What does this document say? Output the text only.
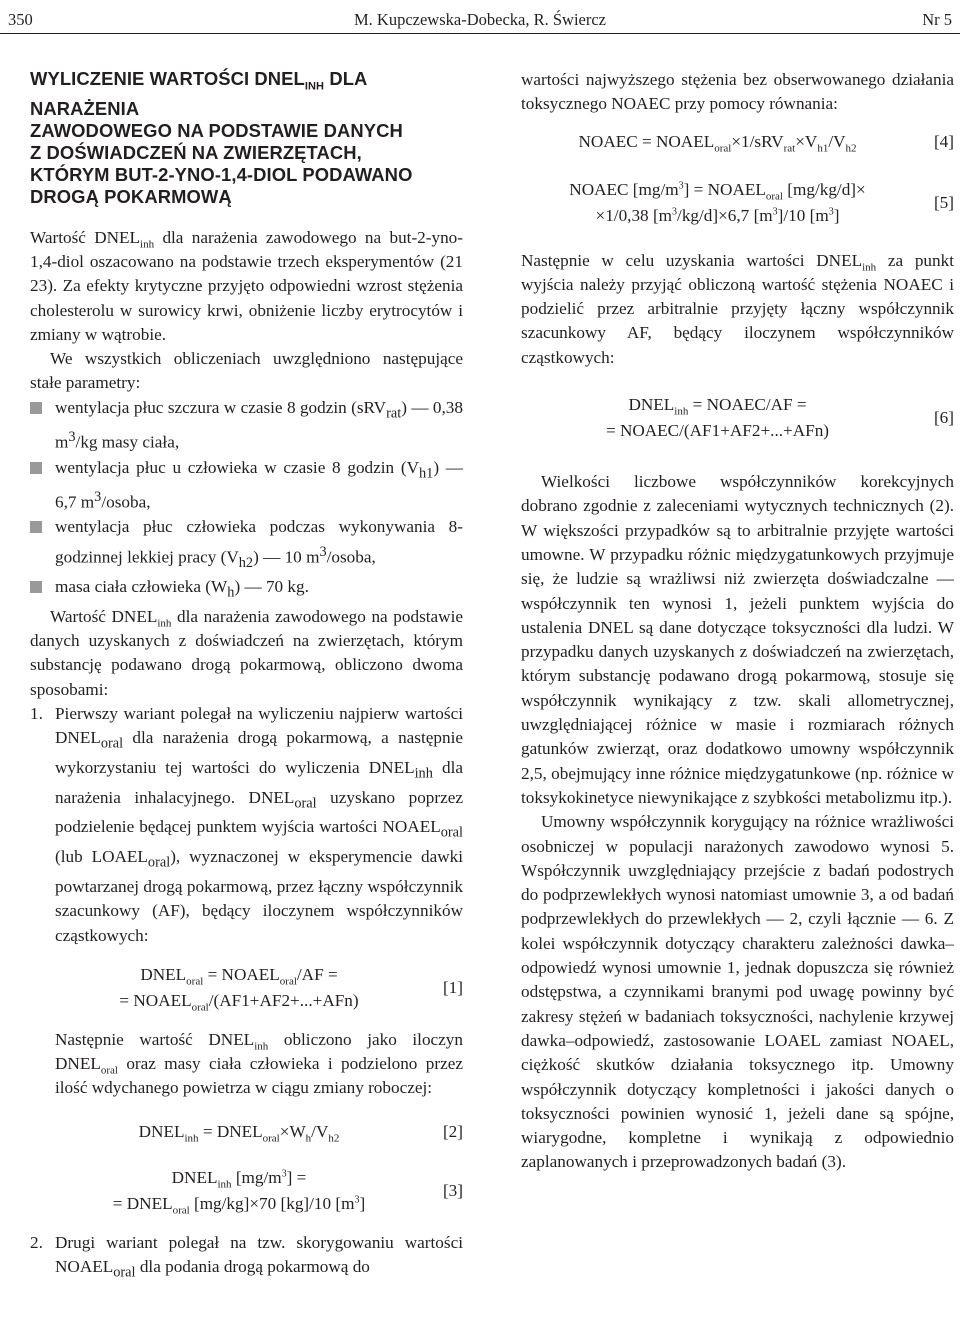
350	M. Kupczewska-Dobecka, R. Świercz	Nr 5
WYLICZENIE WARTOŚCI $DNEL_{INH}$ DLA NARAŻENIA
ZAWODOWEGO NA PODSTAWIE DANYCH
Z DOŚWIADCZEŃ NA ZWIERZĘTACH,
KTÓRYM BUT-2-YNO-1,4-DIOL PODAWANO
DROGĄ POKARMOWĄ

Wartość $DNEL_{inh}$ dla narażenia zawodowego na but-2-yno-1,4-diol oszacowano na podstawie trzech eksperymentów (21 23). Za efekty krytyczne przyjęto odpowiedni wzrost stężenia cholesterolu w surowicy krwi, obniżenie liczby erytrocytów i zmiany w wątrobie.

We wszystkich obliczeniach uwzględniono następujące stałe parametry:

wentylacja płuc szczura w czasie 8 godzin (sRV$_{rat}$) — 0,38 $m^3/kg$ masy ciała,
wentylacja płuc u człowieka w czasie 8 godzin $(V_{h1})$ — 6,7 $m^3$/osoba,
wentylacja płuc człowieka podczas wykonywania 8-godzinnej lekkiej pracy $(V_{h2})$ — 10 $m^3$/osoba,
masa ciała człowieka $(W_h)$ — 70 kg.

Wartość $DNEL_{inh}$ dla narażenia zawodowego na podstawie danych uzyskanych z doświadczeń na zwierzętach, którym substancję podawano drogą pokarmową, obliczono dwoma sposobami:

1. Pierwszy wariant polegał na wyliczeniu najpierw wartości $DNEL_{oral}$ dla narażenia drogą pokarmową, a następnie wykorzystaniu tej wartości do wyliczenia $DNEL_{inh}$ dla narażenia inhalacyjnego. $DNEL_{oral}$ uzyskano poprzez podzielenie będącej punktem wyjścia wartości $NOAEL_{oral}$ (lub $LOAEL_{oral}$), wyznaczonej w eksperymencie dawki powtarzanej drogą pokarmową, przez łączny współczynnik szacunkowy (AF), będący iloczynem współczynników cząstkowych:
$DNEL_{oral}$ = $NOAEL_{oral}/AF$ =
= $NOAEL_{oral}/(AF1+AF2+...+AFn)$
[1]

Następnie wartość $DNEL_{inh}$ obliczono jako iloczyn $DNEL_{oral}$ oraz masy ciała człowieka i podzielono przez ilość wdychanego powietrza w ciągu zmiany roboczej:

$DNEL_{inh}$ = $DNEL_{oral}\times W_h/V_{h2}$	[2]
$DNEL_{inh}$ $[mg/m^3]$ =
= $DNEL_{oral}$ [mg/kg]×70 [kg]/10 $[m^3]$
[3]
2. Drugi wariant polegał na tzw. skorygowaniu wartości $NOAEL_{oral}$ dla podania drogą pokarmową do

wartości najwyższego stężenia bez obserwowanego działania toksycznego NOAEC przy pomocy równania:

NOAEC = $NOAEL_{oral}\times 1/sRV_{rat}\times V_{h1}/V_{h2}$	[4]
NOAEC $[mg/m^3]$ = $NOAEL_{oral}$ [mg/kg/d]×
×1/0,38 $[m^3/kg/d]\times 6,7$ $[m^3]/10$ $[m^3]$
[5]

Następnie w celu uzyskania wartości $DNEL_{inh}$ za punkt wyjścia należy przyjąć obliczoną wartość stężenia NOAEC i podzielić przez arbitralnie przyjęty łączny współczynnik szacunkowy AF, będący iloczynem współczynników cząstkowych:

$DNEL_{inh}$ = NOAEC/AF =
= NOAEC/(AF1+AF2+...+AFn)
[6]

Wielkości liczbowe współczynników korekcyjnych dobrano zgodnie z zaleceniami wytycznych technicznych (2). W większości przypadków są to arbitralnie przyjęte wartości umowne. W przypadku różnic międzygatunkowych przyjmuje się, że ludzie są wrażliwsi niż zwierzęta doświadczalne — współczynnik ten wynosi 1, jeżeli punktem wyjścia do ustalenia DNEL są dane dotyczące toksyczności dla ludzi. W przypadku danych uzyskanych z doświadczeń na zwierzętach, którym substancję podawano drogą pokarmową, stosuje się współczynnik wynikający z tzw. skali allometrycznej, uwzględniającej różnice w masie i rozmiarach różnych gatunków zwierząt, oraz dodatkowo umowny współczynnik 2,5, obejmujący inne różnice międzygatunkowe (np. różnice w toksykokinetyce niewynikające z szybkości metabolizmu itp.).

Umowny współczynnik korygujący na różnice wrażliwości osobniczej w populacji narażonych zawodowo wynosi 5. Współczynnik uwzględniający przejście z badań podostrych do podprzewlekłych wynosi natomiast umownie 3, a od badań podprzewlekłych do przewlekłych — 2, czyli łącznie — 6. Z kolei współczynnik dotyczący charakteru zależności dawka–odpowiedź wynosi umownie 1, jednak dopuszcza się również odstępstwa, a czynnikami branymi pod uwagę powinny być zakresy stężeń w badaniach toksyczności, nachylenie krzywej dawka–odpowiedź, zastosowanie LOAEL zamiast NOAEL, ciężkość skutków działania toksycznego itp. Umowny współczynnik dotyczący kompletności i jakości danych o toksyczności powinien wynosić 1, jeżeli dane są spójne, wiarygodne, kompletne i wynikają z odpowiednio zaplanowanych i przeprowadzonych badań (3).
